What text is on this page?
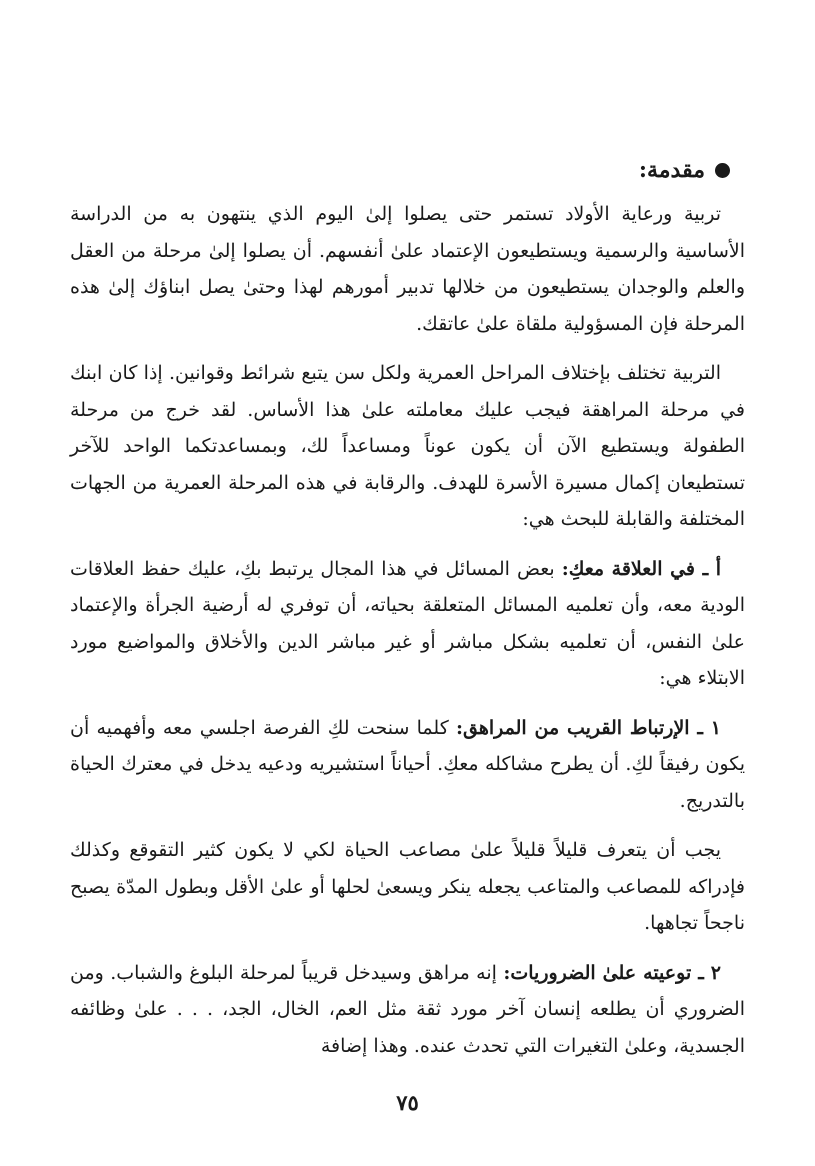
مقدمة:

تربية ورعاية الأولاد تستمر حتى يصلوا إلىٰ اليوم الذي ينتهون به من الدراسة الأساسية والرسمية ويستطيعون الإعتماد علىٰ أنفسهم. أن يصلوا إلىٰ مرحلة من العقل والعلم والوجدان يستطيعون من خلالها تدبير أمورهم لهذا وحتىٰ يصل ابناؤك إلىٰ هذه المرحلة فإن المسؤولية ملقاة علىٰ عاتقك.

التربية تختلف بإختلاف المراحل العمرية ولكل سن يتبع شرائط وقوانين. إذا كان ابنك في مرحلة المراهقة فيجب عليك معاملته علىٰ هذا الأساس. لقد خرج من مرحلة الطفولة ويستطيع الآن أن يكون عوناً ومساعداً لك، وبمساعدتكما الواحد للآخر تستطيعان إكمال مسيرة الأسرة للهدف. والرقابة في هذه المرحلة العمرية من الجهات المختلفة والقابلة للبحث هي:

أ ـ في العلاقة معكِ: بعض المسائل في هذا المجال يرتبط بكِ، عليك حفظ العلاقات الودية معه، وأن تعلميه المسائل المتعلقة بحياته، أن توفري له أرضية الجرأة والإعتماد علىٰ النفس، أن تعلميه بشكل مباشر أو غير مباشر الدين والأخلاق والمواضيع مورد الابتلاء هي:

١ ـ الإرتباط القريب من المراهق: كلما سنحت لكِ الفرصة اجلسي معه وأفهميه أن يكون رفيقاً لكِ. أن يطرح مشاكله معكِ. أحياناً استشيريه ودعيه يدخل في معترك الحياة بالتدريج.

يجب أن يتعرف قليلاً قليلاً علىٰ مصاعب الحياة لكي لا يكون كثير التقوقع وكذلك فإدراكه للمصاعب والمتاعب يجعله ينكر ويسعىٰ لحلها أو علىٰ الأقل وبطول المدّة يصبح ناجحاً تجاهها.

٢ ـ توعيته علىٰ الضروريات: إنه مراهق وسيدخل قريباً لمرحلة البلوغ والشباب. ومن الضروري أن يطلعه إنسان آخر مورد ثقة مثل العم، الخال، الجد، . . . علىٰ وظائفه الجسدية، وعلىٰ التغيرات التي تحدث عنده. وهذا إضافة

٧٥
